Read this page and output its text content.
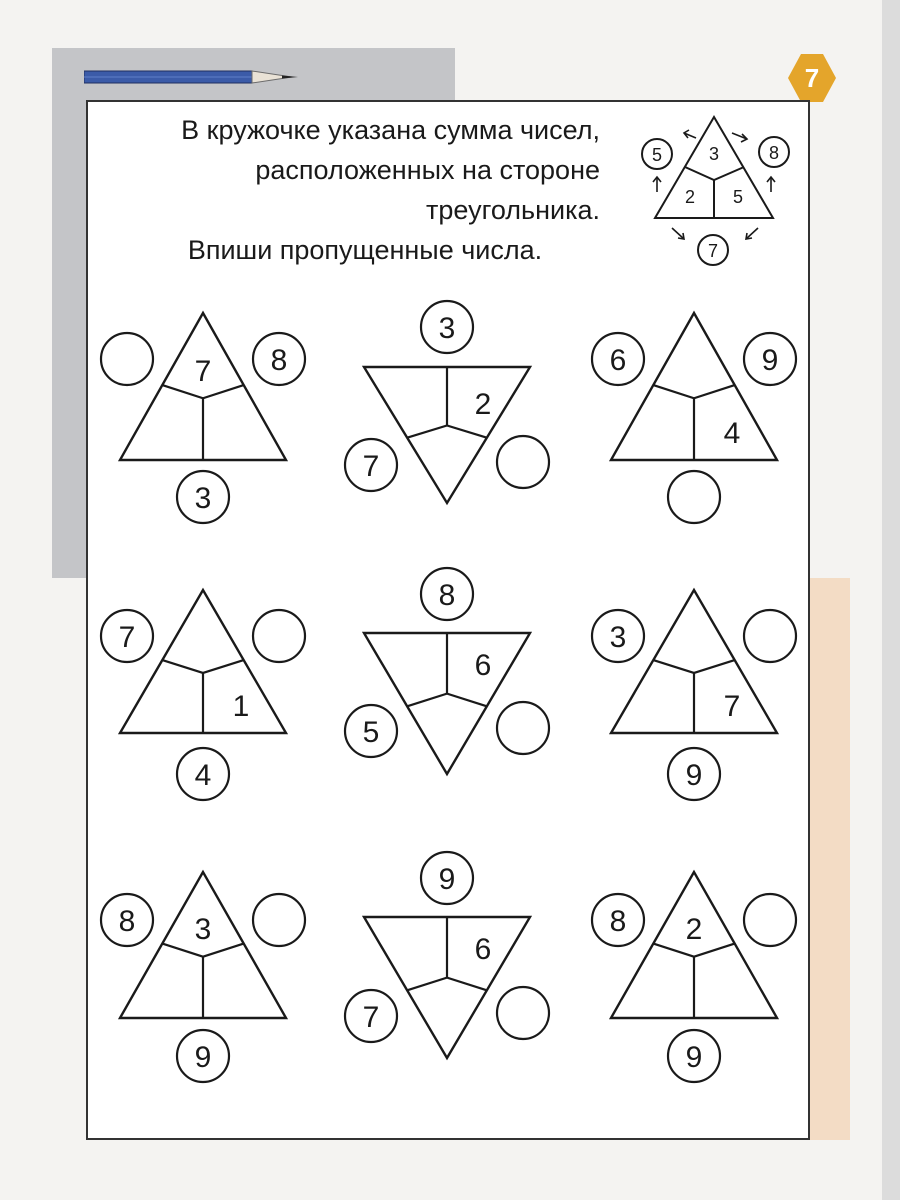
7
В кружочке указана сумма чисел,
расположенных на стороне
треугольника.
Впиши пропущенные числа.
3
2 5
5	8
7
7 8
3
2
3
7
4
6	9
1
7
4
6
8
5
7
3
9
3
8
9
6
9
7
2
8
9
